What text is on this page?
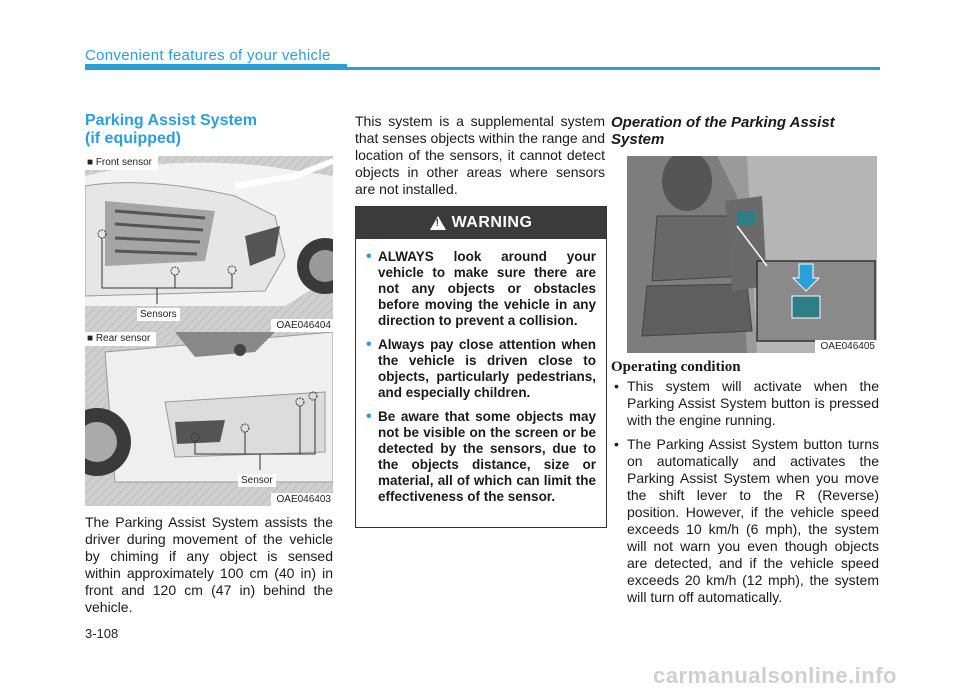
Convenient features of your vehicle
Parking Assist System
(if equipped)
■ Front sensor
Sensors
OAE046404
■ Rear sensor
Sensor
OAE046403
The Parking Assist System assists the driver during movement of the vehicle by chiming if any object is sensed within approximately 100 cm (40 in) in front and 120 cm (47 in) behind the vehicle.
This system is a supplemental system that senses objects within the range and location of the sensors, it cannot detect objects in other areas where sensors are not installed.
! WARNING
• ALWAYS look around your vehicle to make sure there are not any objects or obstacles before moving the vehicle in any direction to prevent a collision.
• Always pay close attention when the vehicle is driven close to objects, particularly pedestrians, and especially children.
• Be aware that some objects may not be visible on the screen or be detected by the sensors, due to the objects distance, size or material, all of which can limit the effectiveness of the sensor.
Operation of the Parking Assist
System
OAE046405
Operating condition
• This system will activate when the Parking Assist System button is pressed with the engine running.
• The Parking Assist System button turns on automatically and activates the Parking Assist System when you move the shift lever to the R (Reverse) position. However, if the vehicle speed exceeds 10 km/h (6 mph), the system will not warn you even though objects are detected, and if the vehicle speed exceeds 20 km/h (12 mph), the system will turn off automatically.
3-108
carmanualsonline.info
